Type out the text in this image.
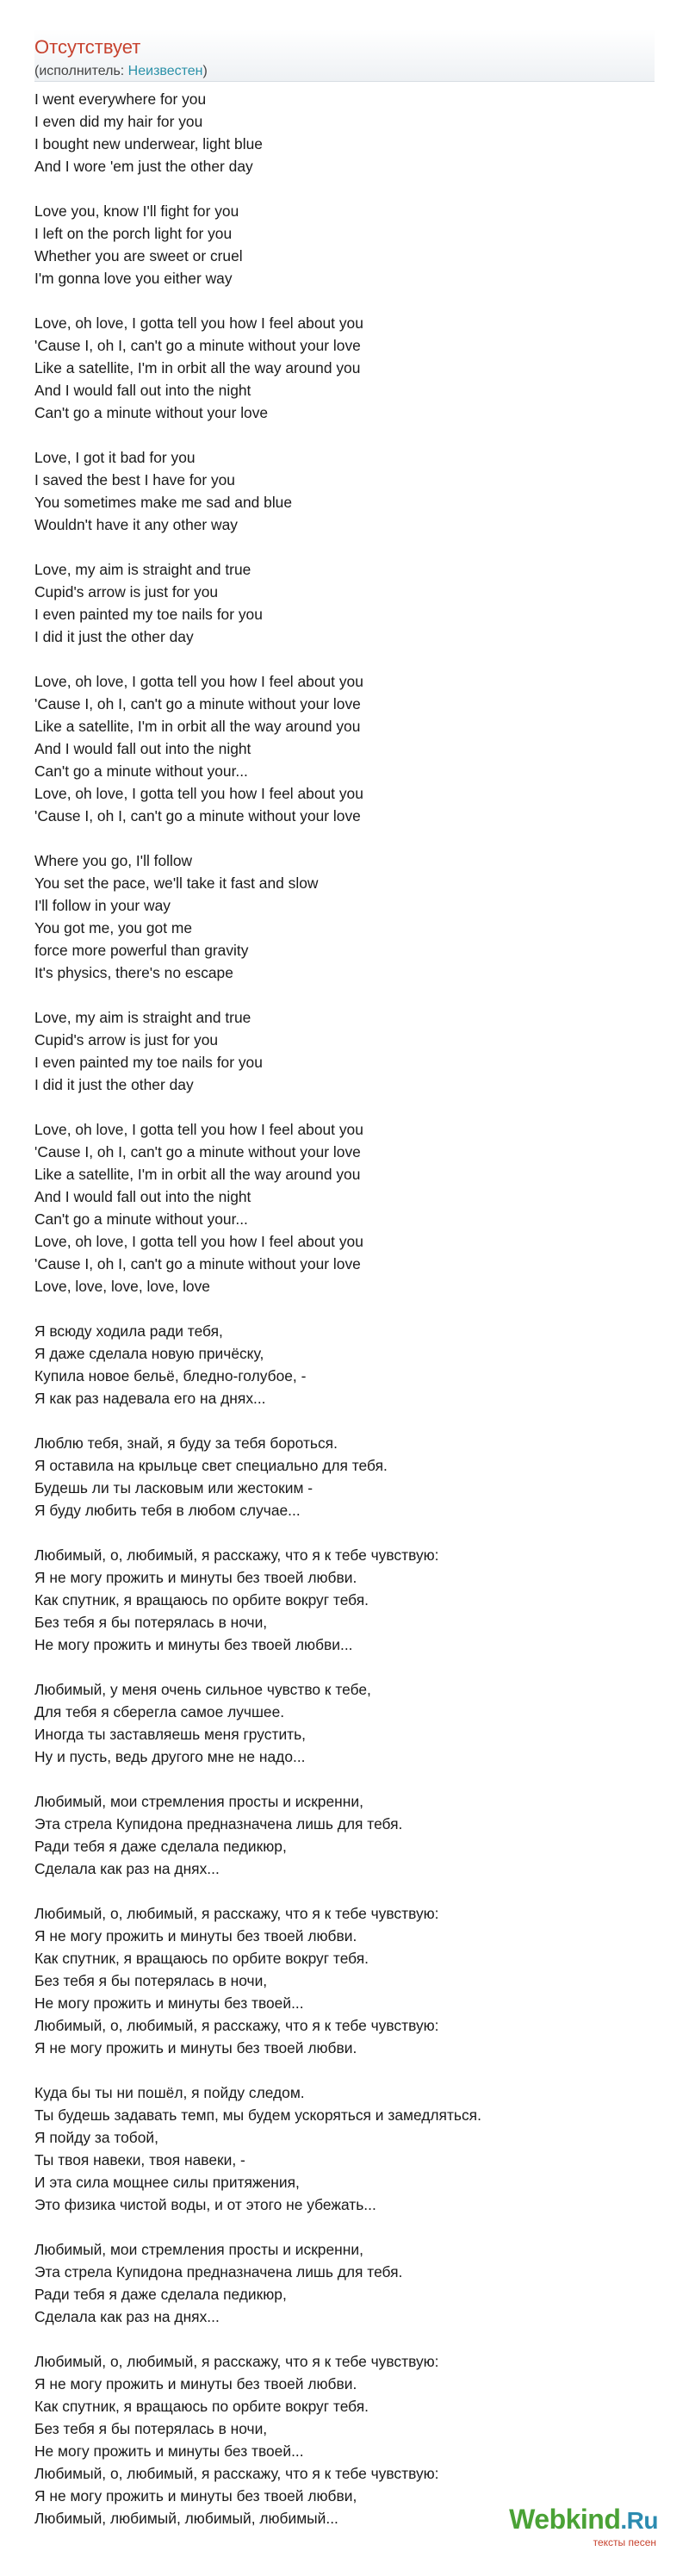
Отсутствует
(исполнитель: Неизвестен)
I went everywhere for you
I even did my hair for you
I bought new underwear, light blue
And I wore 'em just the other day
Love you, know I'll fight for you
I left on the porch light for you
Whether you are sweet or cruel
I'm gonna love you either way
Love, oh love, I gotta tell you how I feel about you
'Cause I, oh I, can't go a minute without your love
Like a satellite, I'm in orbit all the way around you
And I would fall out into the night
Can't go a minute without your love
Love, I got it bad for you
I saved the best I have for you
You sometimes make me sad and blue
Wouldn't have it any other way
Love, my aim is straight and true
Cupid's arrow is just for you
I even painted my toe nails for you
I did it just the other day
Love, oh love, I gotta tell you how I feel about you
'Cause I, oh I, can't go a minute without your love
Like a satellite, I'm in orbit all the way around you
And I would fall out into the night
Can't go a minute without your...
Love, oh love, I gotta tell you how I feel about you
'Cause I, oh I, can't go a minute without your love
Where you go, I'll follow
You set the pace, we'll take it fast and slow
I'll follow in your way
You got me, you got me
force more powerful than gravity
It's physics, there's no escape
Love, my aim is straight and true
Cupid's arrow is just for you
I even painted my toe nails for you
I did it just the other day
Love, oh love, I gotta tell you how I feel about you
'Cause I, oh I, can't go a minute without your love
Like a satellite, I'm in orbit all the way around you
And I would fall out into the night
Can't go a minute without your...
Love, oh love, I gotta tell you how I feel about you
'Cause I, oh I, can't go a minute without your love
Love, love, love, love, love
Я всюду ходила ради тебя,
Я даже сделала новую причёску,
Купила новое бельё, бледно-голубое, -
Я как раз надевала его на днях...
Люблю тебя, знай, я буду за тебя бороться.
Я оставила на крыльце свет специально для тебя.
Будешь ли ты ласковым или жестоким -
Я буду любить тебя в любом случае...
Любимый, о, любимый, я расскажу, что я к тебе чувствую:
Я не могу прожить и минуты без твоей любви.
Как спутник, я вращаюсь по орбите вокруг тебя.
Без тебя я бы потерялась в ночи,
Не могу прожить и минуты без твоей любви...
Любимый, у меня очень сильное чувство к тебе,
Для тебя я сберегла самое лучшее.
Иногда ты заставляешь меня грустить,
Ну и пусть, ведь другого мне не надо...
Любимый, мои стремления просты и искренни,
Эта стрела Купидона предназначена лишь для тебя.
Ради тебя я даже сделала педикюр,
Сделала как раз на днях...
Любимый, о, любимый, я расскажу, что я к тебе чувствую:
Я не могу прожить и минуты без твоей любви.
Как спутник, я вращаюсь по орбите вокруг тебя.
Без тебя я бы потерялась в ночи,
Не могу прожить и минуты без твоей...
Любимый, о, любимый, я расскажу, что я к тебе чувствую:
Я не могу прожить и минуты без твоей любви.
Куда бы ты ни пошёл, я пойду следом.
Ты будешь задавать темп, мы будем ускоряться и замедляться.
Я пойду за тобой,
Ты твоя навеки, твоя навеки, -
И эта сила мощнее силы притяжения,
Это физика чистой воды, и от этого не убежать...
Любимый, мои стремления просты и искренни,
Эта стрела Купидона предназначена лишь для тебя.
Ради тебя я даже сделала педикюр,
Сделала как раз на днях...
Любимый, о, любимый, я расскажу, что я к тебе чувствую:
Я не могу прожить и минуты без твоей любви.
Как спутник, я вращаюсь по орбите вокруг тебя.
Без тебя я бы потерялась в ночи,
Не могу прожить и минуты без твоей...
Любимый, о, любимый, я расскажу, что я к тебе чувствую:
Я не могу прожить и минуты без твоей любви,
Любимый, любимый, любимый, любимый...	Webkind.Ru
тексты песен
